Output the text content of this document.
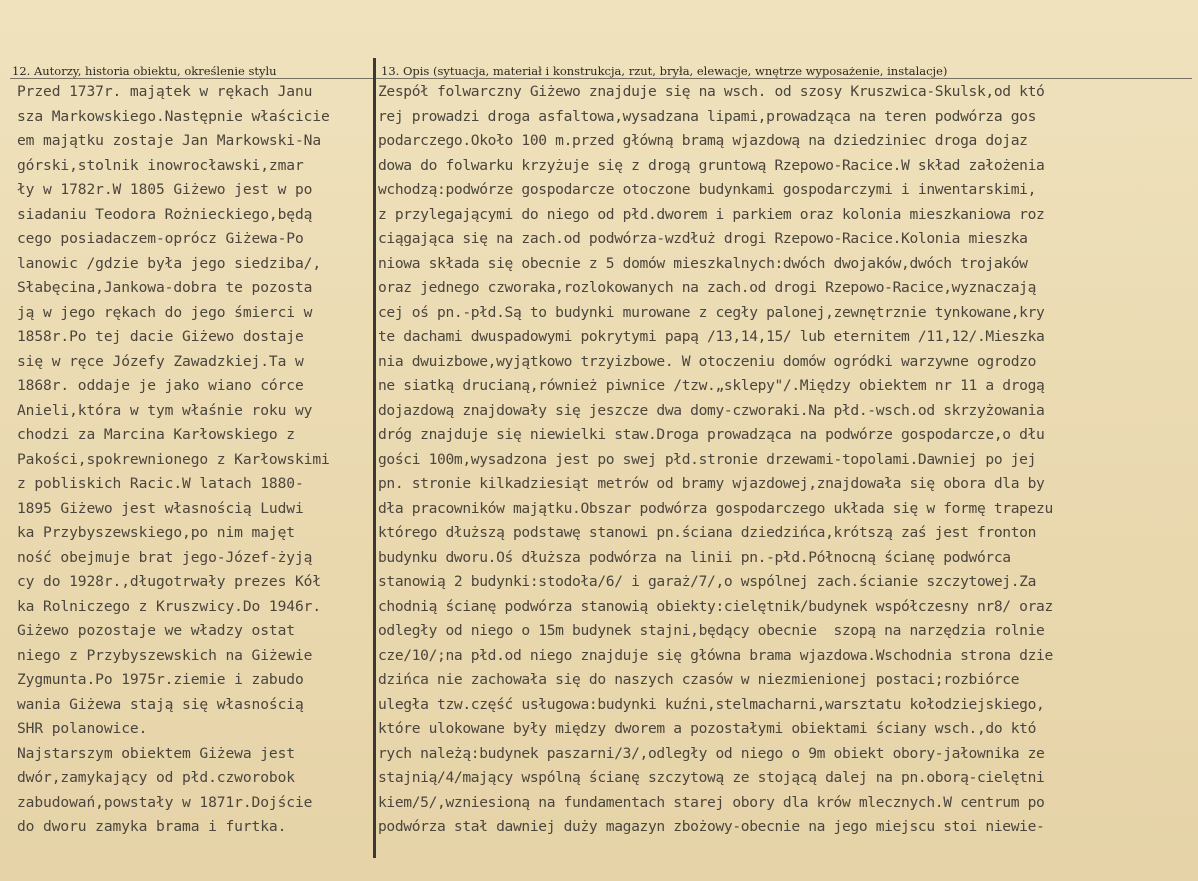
12. Autorzy, historia obiektu, określenie stylu	13. Opis (sytuacja, materiał i konstrukcja, rzut, bryła, elewacje, wnętrze wyposażenie, instalacje)
Przed 1737r. majątek w rękach Janu
sza Markowskiego.Następnie właścicie
em majątku zostaje Jan Markowski-Na
górski,stolnik inowrocławski,zmar
ły w 1782r.W 1805 Giżewo jest w po
siadaniu Teodora Rożnieckiego,będą
cego posiadaczem-oprócz Giżewa-Po
lanowic /gdzie była jego siedziba/,
Słabęcina,Jankowa-dobra te pozosta
ją w jego rękach do jego śmierci w
1858r.Po tej dacie Giżewo dostaje
się w ręce Józefy Zawadzkiej.Ta w
1868r. oddaje je jako wiano córce
Anieli,która w tym właśnie roku wy
chodzi za Marcina Karłowskiego z
Pakości,spokrewnionego z Karłowskimi
z pobliskich Racic.W latach 1880-
1895 Giżewo jest własnością Ludwi
ka Przybyszewskiego,po nim majęt
ność obejmuje brat jego-Józef-żyją
cy do 1928r.,długotrwały prezes Kół
ka Rolniczego z Kruszwicy.Do 1946r.
Giżewo pozostaje we władzy ostat
niego z Przybyszewskich na Giżewie
Zygmunta.Po 1975r.ziemie i zabudo
wania Giżewa stają się własnością
SHR polanowice.
Najstarszym obiektem Giżewa jest
dwór,zamykający od płd.czworobok
zabudowań,powstały w 1871r.Dojście
do dworu zamyka brama i furtka.
Zespół folwarczny Giżewo znajduje się na wsch. od szosy Kruszwica-Skulsk,od któ
rej prowadzi droga asfaltowa,wysadzana lipami,prowadząca na teren podwórza gos
podarczego.Około 100 m.przed główną bramą wjazdową na dziedziniec droga dojaz
dowa do folwarku krzyżuje się z drogą gruntową Rzepowo-Racice.W skład założenia
wchodzą:podwórze gospodarcze otoczone budynkami gospodarczymi i inwentarskimi,
z przylegającymi do niego od płd.dworem i parkiem oraz kolonia mieszkaniowa roz
ciągająca się na zach.od podwórza-wzdłuż drogi Rzepowo-Racice.Kolonia mieszka
niowa składa się obecnie z 5 domów mieszkalnych:dwóch dwojaków,dwóch trojaków
oraz jednego czworaka,rozlokowanych na zach.od drogi Rzepowo-Racice,wyznaczają
cej oś pn.-płd.Są to budynki murowane z cegły palonej,zewnętrznie tynkowane,kry
te dachami dwuspadowymi pokrytymi papą /13,14,15/ lub eternitem /11,12/.Mieszka
nia dwuizbowe,wyjątkowo trzyizbowe. W otoczeniu domów ogródki warzywne ogrodzo
ne siatką drucianą,również piwnice /tzw.„sklepy"/.Między obiektem nr 11 a drogą
dojazdową znajdowały się jeszcze dwa domy-czworaki.Na płd.-wsch.od skrzyżowania
dróg znajduje się niewielki staw.Droga prowadząca na podwórze gospodarcze,o dłu
gości 100m,wysadzona jest po swej płd.stronie drzewami-topolami.Dawniej po jej
pn. stronie kilkadziesiąt metrów od bramy wjazdowej,znajdowała się obora dla by
dła pracowników majątku.Obszar podwórza gospodarczego układa się w formę trapezu
którego dłuższą podstawę stanowi pn.ściana dziedzińca,krótszą zaś jest fronton
budynku dworu.Oś dłuższa podwórza na linii pn.-płd.Północną ścianę podwórca
stanowią 2 budynki:stodoła/6/ i garaż/7/,o wspólnej zach.ścianie szczytowej.Za
chodnią ścianę podwórza stanowią obiekty:cielętnik/budynek współczesny nr8/ oraz
odległy od niego o 15m budynek stajni,będący obecnie  szopą na narzędzia rolnie
cze/10/;na płd.od niego znajduje się główna brama wjazdowa.Wschodnia strona dzie
dzińca nie zachowała się do naszych czasów w niezmienionej postaci;rozbiórce
uległa tzw.część usługowa:budynki kuźni,stelmacharni,warsztatu kołodziejskiego,
które ulokowane były między dworem a pozostałymi obiektami ściany wsch.,do któ
rych należą:budynek paszarni/3/,odległy od niego o 9m obiekt obory-jałownika ze
stajnią/4/mający wspólną ścianę szczytową ze stojącą dalej na pn.oborą-cielętni
kiem/5/,wzniesioną na fundamentach starej obory dla krów mlecznych.W centrum po
podwórza stał dawniej duży magazyn zbożowy-obecnie na jego miejscu stoi niewie-
